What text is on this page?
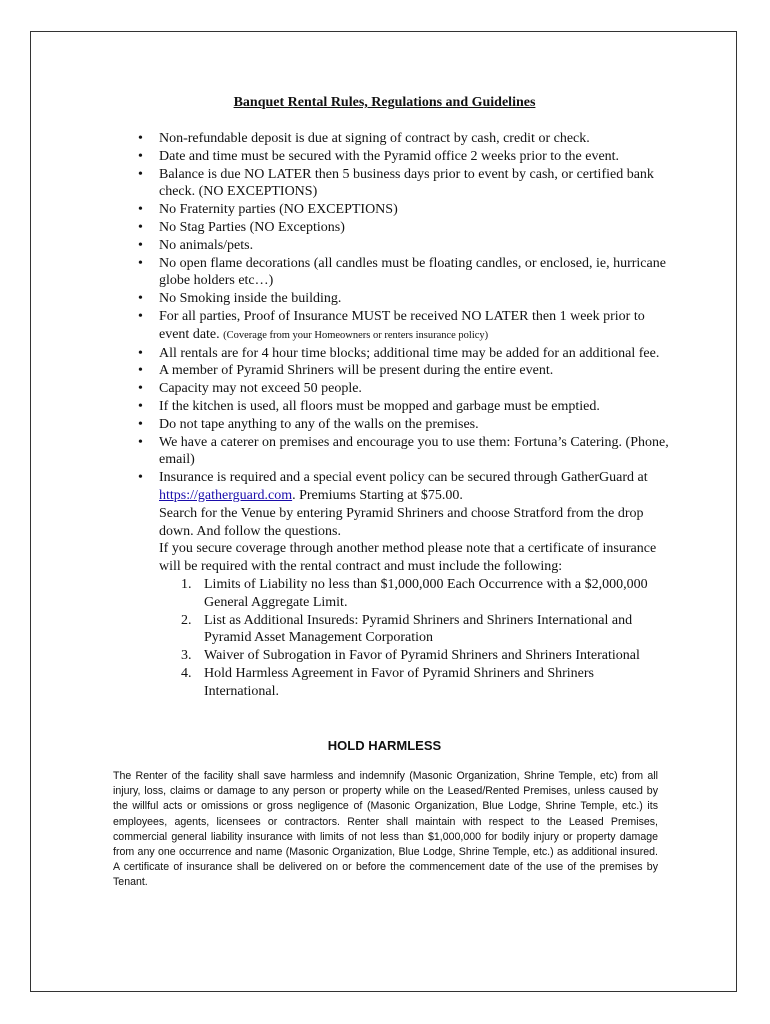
Banquet Rental Rules, Regulations and Guidelines

• Non-refundable deposit is due at signing of contract by cash, credit or check.

• Date and time must be secured with the Pyramid office 2 weeks prior to the event.

• Balance is due NO LATER then 5 business days prior to event by cash, or certified bank check. (NO EXCEPTIONS)

• No Fraternity parties (NO EXCEPTIONS)

• No Stag Parties (NO Exceptions)

• No animals/pets.

• No open flame decorations (all candles must be floating candles, or enclosed, ie, hurricane globe holders etc…)

• No Smoking inside the building.

• For all parties, Proof of Insurance MUST be received NO LATER then 1 week prior to event date. (Coverage from your Homeowners or renters insurance policy)

• All rentals are for 4 hour time blocks; additional time may be added for an additional fee.

• A member of Pyramid Shriners will be present during the entire event.

• Capacity may not exceed 50 people.

• If the kitchen is used, all floors must be mopped and garbage must be emptied.

• Do not tape anything to any of the walls on the premises.

• We have a caterer on premises and encourage you to use them: Fortuna’s Catering. (Phone, email)

• Insurance is required and a special event policy can be secured through GatherGuard at https://gatherguard.com. Premiums Starting at $75.00.
Search for the Venue by entering Pyramid Shriners and choose Stratford from the drop down. And follow the questions.
If you secure coverage through another method please note that a certificate of insurance will be required with the rental contract and must include the following:
1. Limits of Liability no less than $1,000,000 Each Occurrence with a $2,000,000 General Aggregate Limit.
2. List as Additional Insureds: Pyramid Shriners and Shriners International and Pyramid Asset Management Corporation
3. Waiver of Subrogation in Favor of Pyramid Shriners and Shriners Interational
4. Hold Harmless Agreement in Favor of Pyramid Shriners and Shriners International.
HOLD HARMLESS
The Renter of the facility shall save harmless and indemnify (Masonic Organization, Shrine Temple, etc) from all injury, loss, claims or damage to any person or property while on the Leased/Rented Premises, unless caused by the willful acts or omissions or gross negligence of (Masonic Organization, Blue Lodge, Shrine Temple, etc.) its employees, agents, licensees or contractors. Renter shall maintain with respect to the Leased Premises, commercial general liability insurance with limits of not less than $1,000,000 for bodily injury or property damage from any one occurrence and name (Masonic Organization, Blue Lodge, Shrine Temple, etc.) as additional insured. A certificate of insurance shall be delivered on or before the commencement date of the use of the premises by Tenant.
